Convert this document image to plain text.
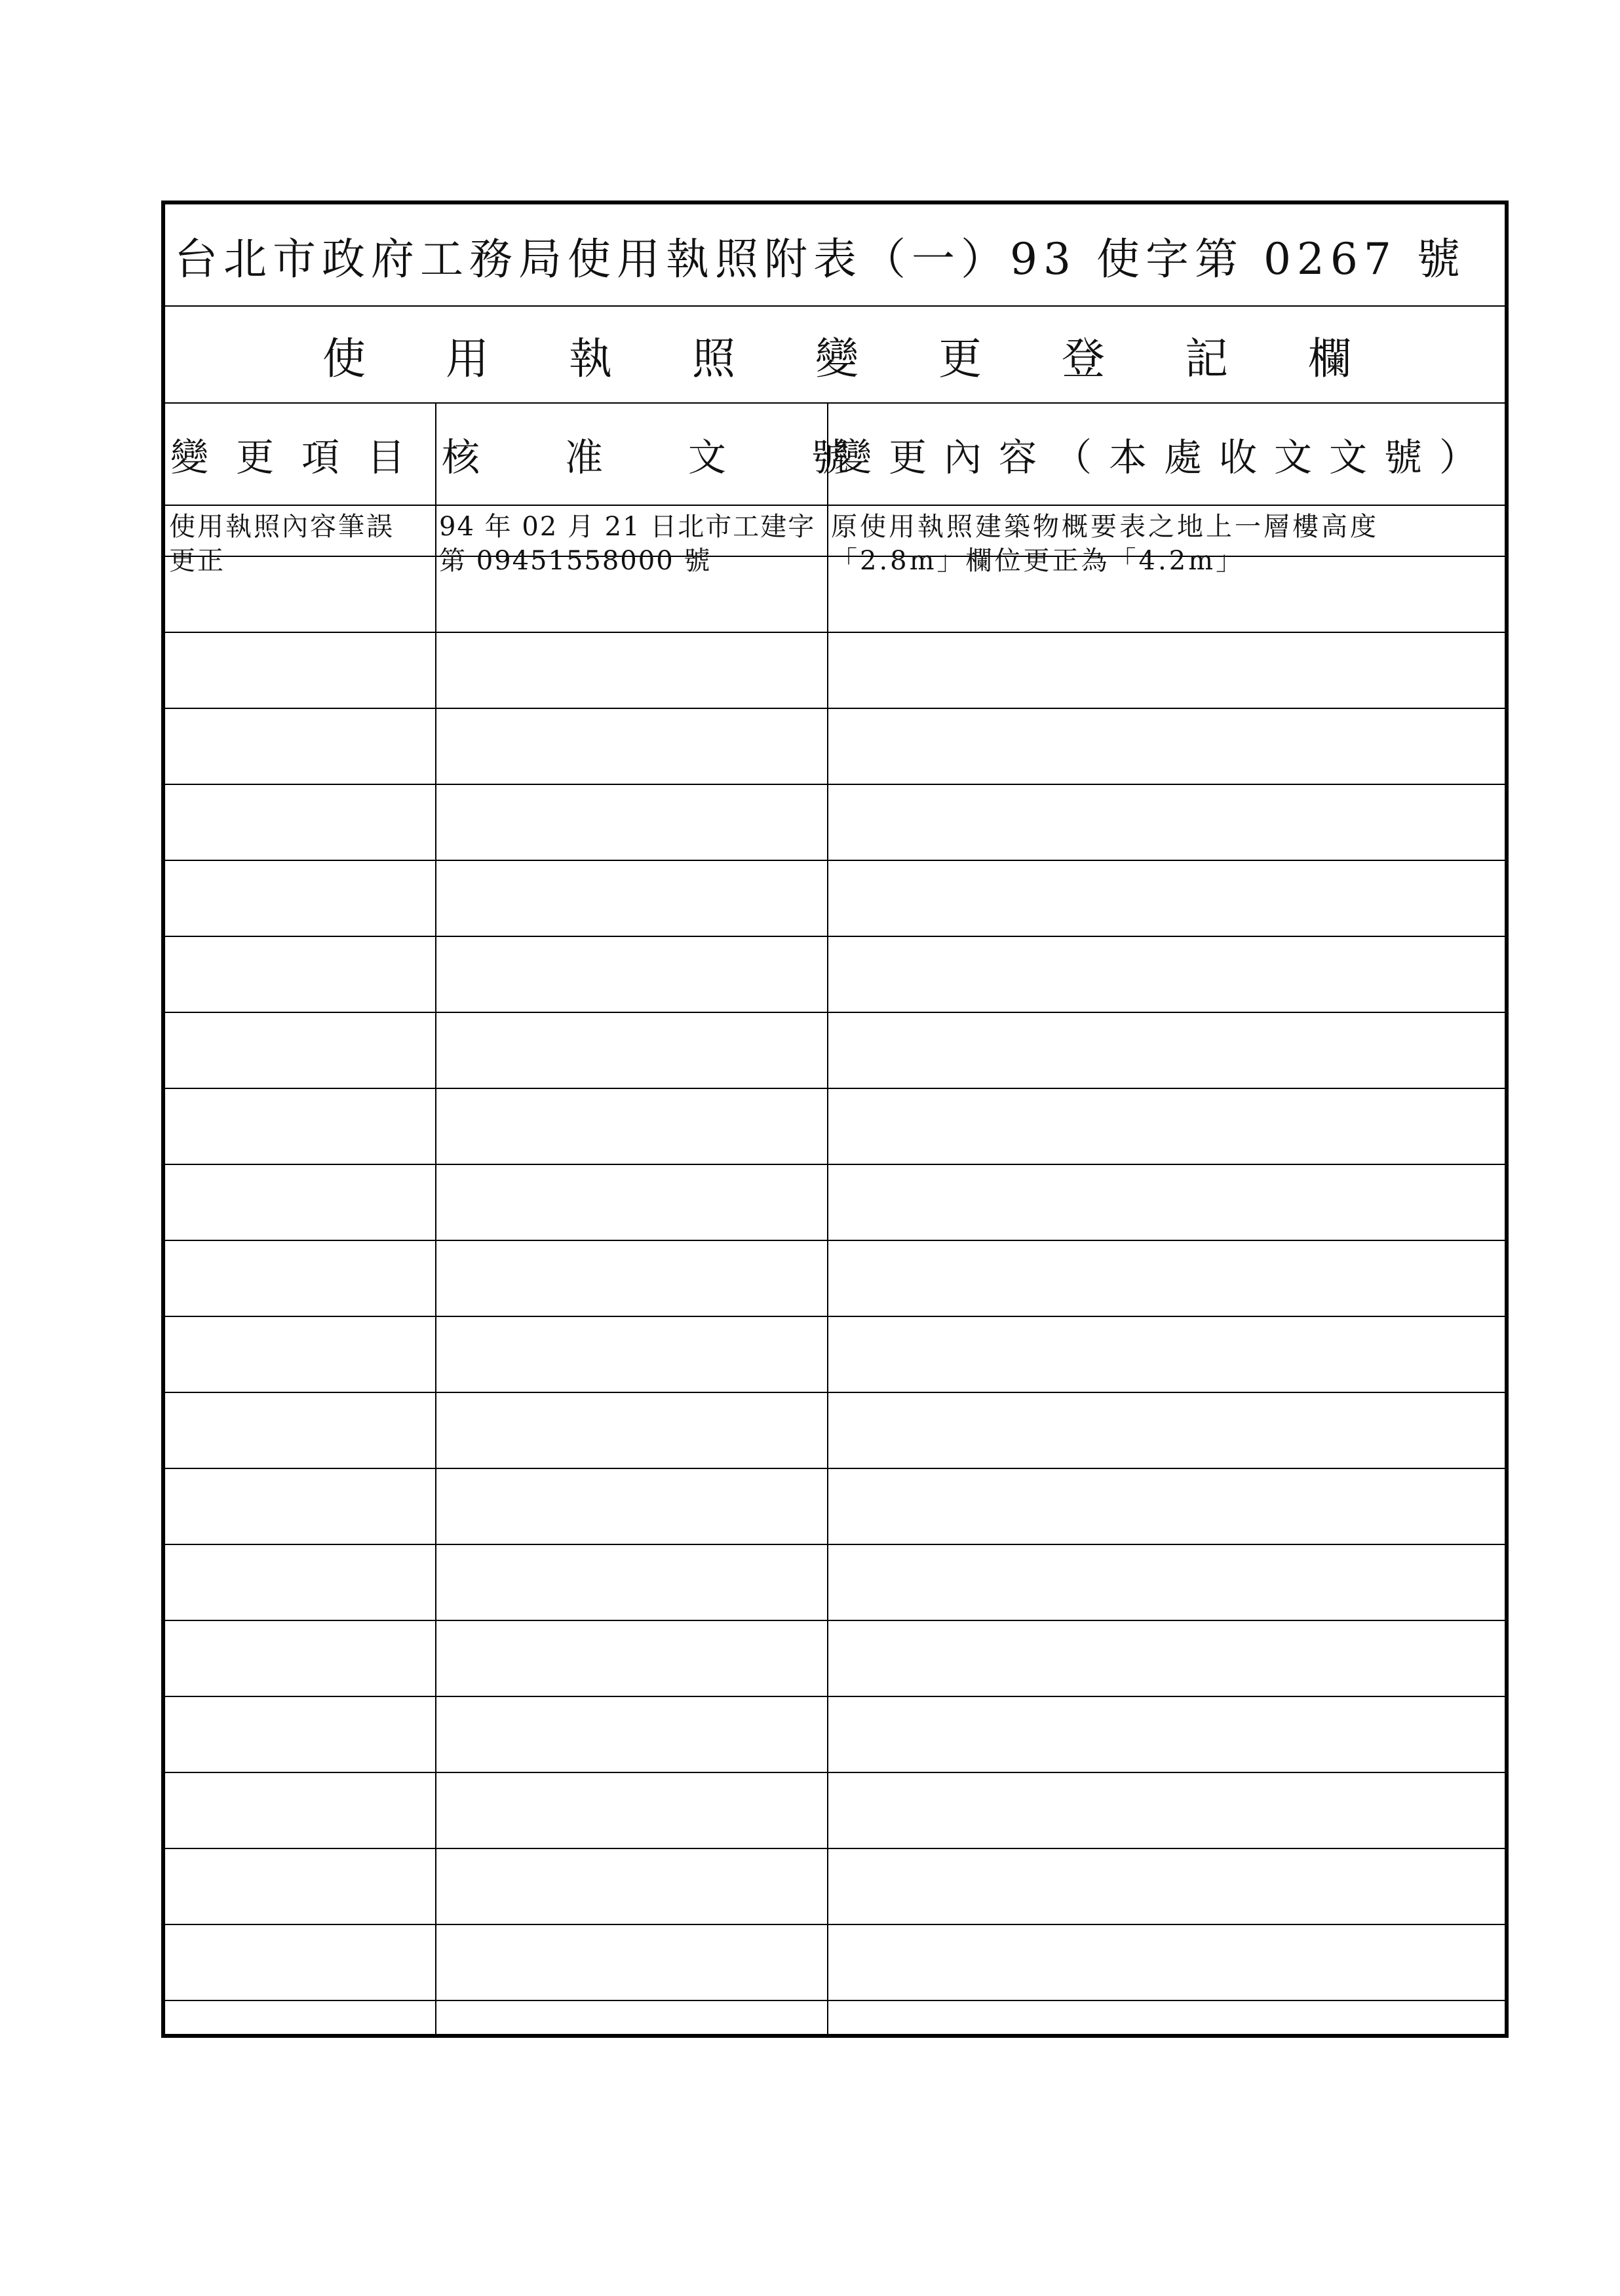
台北市政府工務局使用執照附表（一）93 使字第 0267 號
使用執照變更登記欄
變更項目 核准文號
變更內容（本處收文文號）
使用執照內容筆誤
更正
94 年 02 月 21 日北市工建字
第 09451558000 號
原使用執照建築物概要表之地上一層樓高度
「2.8m」欄位更正為「4.2m」
